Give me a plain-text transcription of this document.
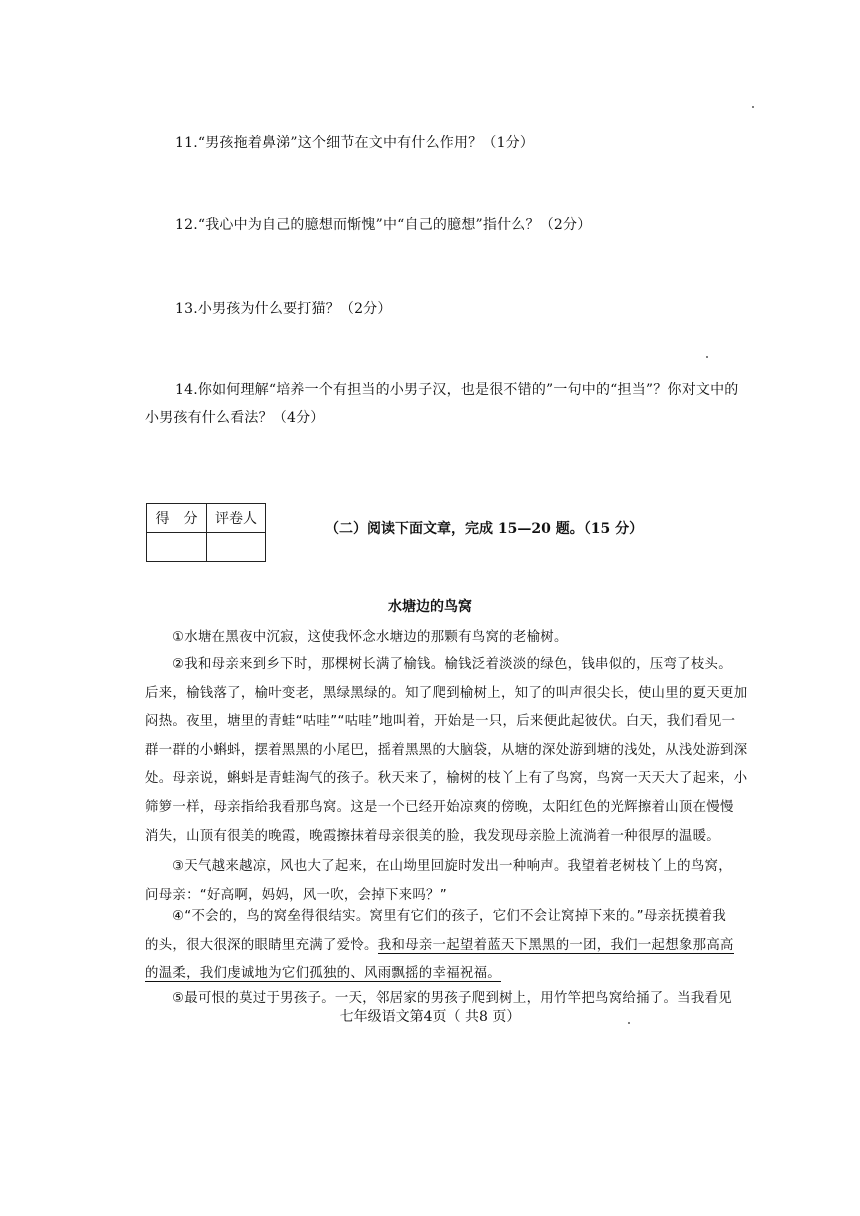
11.“男孩拖着鼻涕”这个细节在文中有什么作用？（1分）
12.“我心中为自己的臆想而惭愧”中“自己的臆想”指什么？（2分）
13.小男孩为什么要打猫？（2分）
14.你如何理解“培养一个有担当的小男子汉，也是很不错的”一句中的“担当”？你对文中的
小男孩有什么看法？（4分）
得　分	评卷人

（二）阅读下面文章，完成 15—20 题。（15 分）
水塘边的鸟窝
①水塘在黑夜中沉寂，这使我怀念水塘边的那颗有鸟窝的老榆树。
②我和母亲来到乡下时，那棵树长满了榆钱。榆钱泛着淡淡的绿色，钱串似的，压弯了枝头。
后来，榆钱落了，榆叶变老，黑绿黑绿的。知了爬到榆树上，知了的叫声很尖长，使山里的夏天更加
闷热。夜里，塘里的青蛙“咕哇”“咕哇”地叫着，开始是一只，后来便此起彼伏。白天，我们看见一
群一群的小蝌蚪，摆着黑黑的小尾巴，摇着黑黑的大脑袋，从塘的深处游到塘的浅处，从浅处游到深
处。母亲说，蝌蚪是青蛙淘气的孩子。秋天来了，榆树的枝丫上有了鸟窝，鸟窝一天天大了起来，小
筛箩一样，母亲指给我看那鸟窝。这是一个已经开始凉爽的傍晚，太阳红色的光辉擦着山顶在慢慢
消失，山顶有很美的晚霞，晚霞擦抹着母亲很美的脸，我发现母亲脸上流淌着一种很厚的温暖。
③天气越来越凉，风也大了起来，在山坳里回旋时发出一种响声。我望着老树枝丫上的鸟窝，
问母亲：“好高啊，妈妈，风一吹，会掉下来吗？”
④“不会的，鸟的窝垒得很结实。窝里有它们的孩子，它们不会让窝掉下来的。”母亲抚摸着我
的头，很大很深的眼睛里充满了爱怜。我和母亲一起望着蓝天下黑黑的一团，我们一起想象那高高
的温柔，我们虔诚地为它们孤独的、风雨飘摇的幸福祝福。
⑤最可恨的莫过于男孩子。一天，邻居家的男孩子爬到树上，用竹竿把鸟窝给捅了。当我看见
七年级语文第4页（ 共8 页）
